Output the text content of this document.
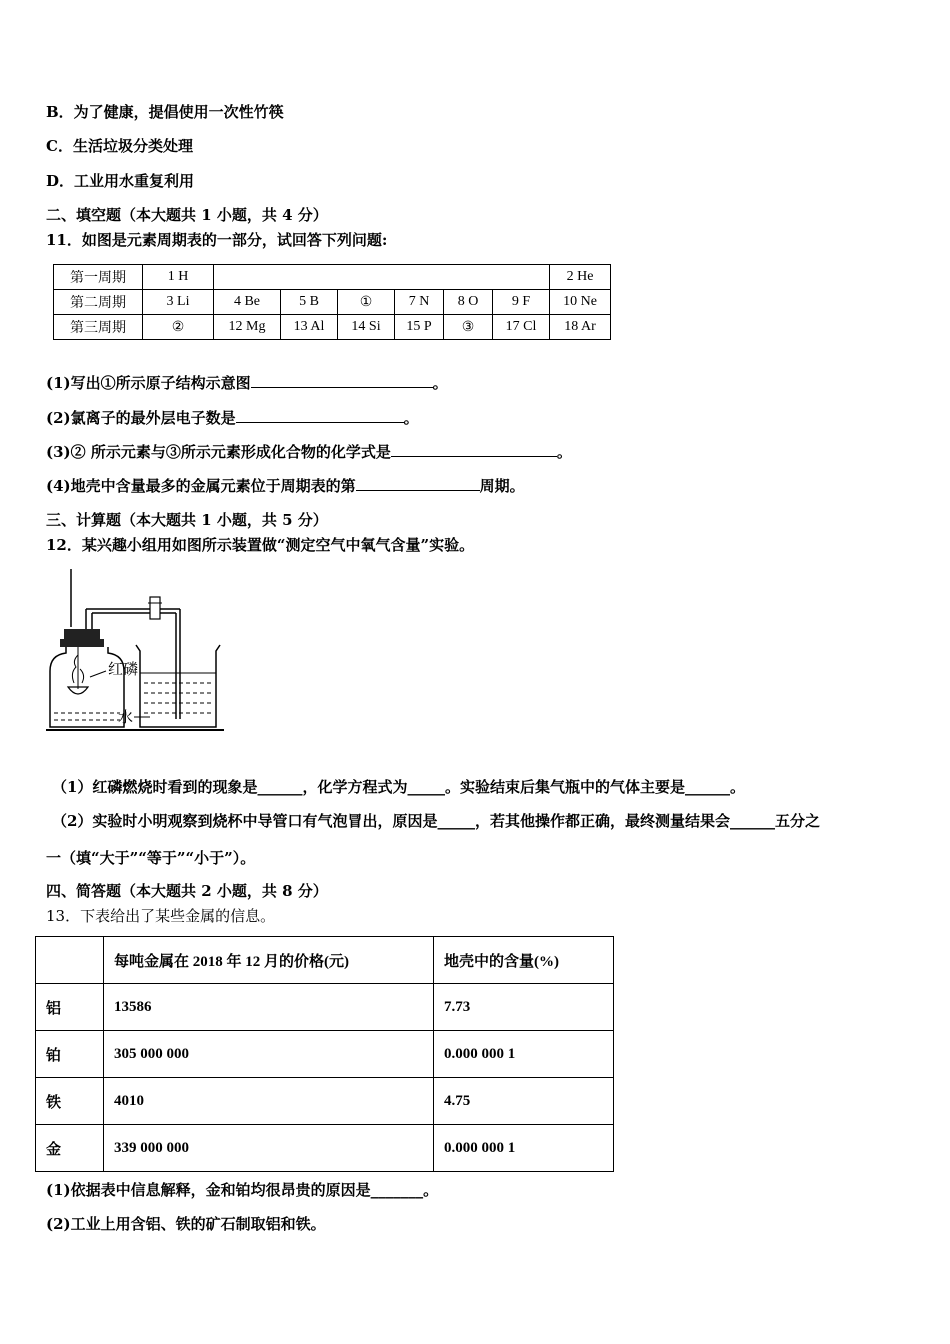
B．为了健康，提倡使用一次性竹筷
C．生活垃圾分类处理
D．工业用水重复利用
二、填空题（本大题共 1 小题，共 4 分）
11．如图是元素周期表的一部分，试回答下列问题:
第一周期	1 H							2 He
第二周期	3 Li	4 Be	5 B	①	7 N	8 O	9 F	10 Ne
第三周期	②	12 Mg	13 Al	14 Si	15 P	③	17 Cl	18 Ar
(1)写出①所示原子结构示意图	。
(2)氯离子的最外层电子数是	。
(3)② 所示元素与③所示元素形成化合物的化学式是	。
(4)地壳中含量最多的金属元素位于周期表的第	周期。
三、计算题（本大题共 1 小题，共 5 分）
12．某兴趣小组用如图所示装置做“测定空气中氧气含量”实验。
红磷
水
（1）红磷燃烧时看到的现象是______，化学方程式为_____。实验结束后集气瓶中的气体主要是______。
（2）实验时小明观察到烧杯中导管口有气泡冒出，原因是_____，若其他操作都正确，最终测量结果会______五分之
一（填“大于”“等于”“小于”）。
四、简答题（本大题共 2 小题，共 8 分）
13．下表给出了某些金属的信息。
	每吨金属在 2018 年 12 月的价格(元)	地壳中的含量(%)
铝	13586	7.73
铂	305 000 000	0.000 000 1
铁	4010	4.75
金	339 000 000	0.000 000 1
(1)依据表中信息解释，金和铂均很昂贵的原因是_______。
(2)工业上用含铝、铁的矿石制取铝和铁。
